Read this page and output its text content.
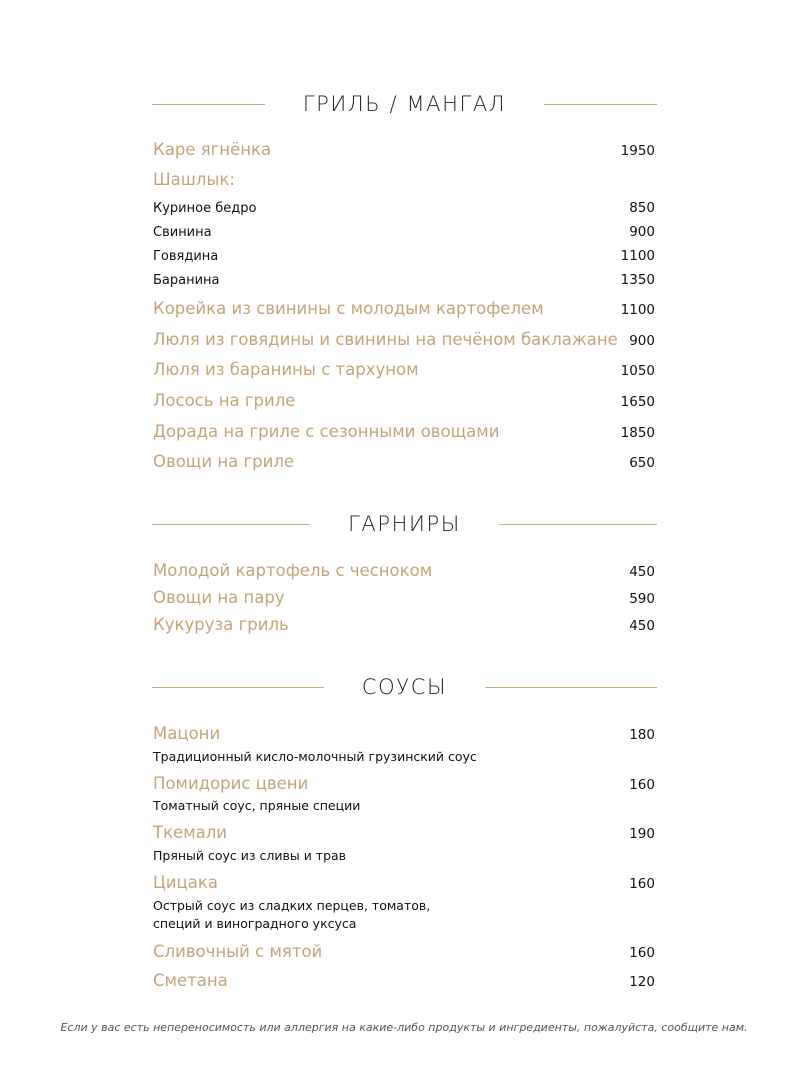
ГРИЛЬ / МАНГАЛ
Каре ягнёнка	1950
Шашлык:
Куриное бедро	850
Свинина	900
Говядина	1100
Баранина	1350
Корейка из свинины с молодым картофелем	1100
Люля из говядины и свинины на печёном баклажане 900
Люля из баранины с тархуном	1050
Лосось на гриле	1650
Дорада на гриле с сезонными овощами	1850
Овощи на гриле	650
ГАРНИРЫ
Молодой картофель с чесноком	450
Овощи на пару	590
Кукуруза гриль	450
СОУСЫ
Мацони	180
Традиционный кисло-молочный грузинский соус
Помидорис цвени	160
Томатный соус, пряные специи
Ткемали	190
Пряный соус из сливы и трав
Цицака	160
Острый соус из сладких перцев, томатов,
специй и виноградного уксуса
Сливочный с мятой	160
Сметана	120
Если у вас есть непереносимость или аллергия на какие-либо продукты и ингредиенты, пожалуйста, сообщите нам.
